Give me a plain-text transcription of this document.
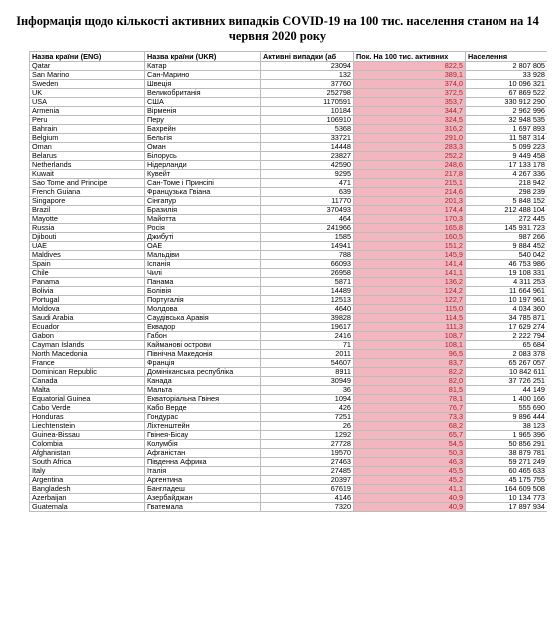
Інформація щодо кількості активних випадків COVID-19 на 100 тис. населення станом на 14
червня 2020 року
Назва країни (ENG)	Назва країни (UKR)	Активні випадки (аб	Пок. На 100 тис. активних	Населення
Qatar	Катар	23094	822,5	2 807 805
San Marino	Сан-Марино	132	389,1	33 928
Sweden	Швеція	37760	374,0	10 096 321
UK	Великобританія	252798	372,5	67 869 522
USA	США	1170591	353,7	330 912 290
Armenia	Вірменія	10184	344,7	2 962 996
Peru	Перу	106910	324,5	32 948 535
Bahrain	Бахрейн	5368	316,2	1 697 893
Belgium	Бельгія	33721	291,0	11 587 314
Oman	Оман	14448	283,3	5 099 223
Belarus	Білорусь	23827	252,2	9 449 458
Netherlands	Нідерланди	42590	248,6	17 133 178
Kuwait	Кувейт	9295	217,8	4 267 336
Sao Tome and Principe	Сан-Томе і Принсіпі	471	215,1	218 942
French Guiana	Французька Гвіана	639	214,6	298 239
Singapore	Сінгапур	11770	201,3	5 848 152
Brazil	Бразилія	370493	174,4	212 488 104
Mayotte	Майотта	464	170,3	272 445
Russia	Росія	241966	165,8	145 931 723
Djibouti	Джибуті	1585	160,5	987 266
UAE	ОАЕ	14941	151,2	9 884 452
Maldives	Мальдіви	788	145,9	540 042
Spain	Іспанія	66093	141,4	46 753 986
Chile	Чилі	26958	141,1	19 108 331
Panama	Панама	5871	136,2	4 311 253
Bolivia	Болівія	14489	124,2	11 664 961
Portugal	Португалія	12513	122,7	10 197 961
Moldova	Молдова	4640	115,0	4 034 360
Saudi Arabia	Саудівська Аравія	39828	114,5	34 785 871
Ecuador	Еквадор	19617	111,3	17 629 274
Gabon	Габон	2416	108,7	2 222 794
Cayman Islands	Кайманові острови	71	108,1	65 684
North Macedonia	Північна Македонія	2011	96,5	2 083 378
France	Франція	54607	83,7	65 267 057
Dominican Republic	Домініканська республіка	8911	82,2	10 842 611
Canada	Канада	30949	82,0	37 726 251
Malta	Мальта	36	81,5	44 149
Equatorial Guinea	Екваторіальна Гвінея	1094	78,1	1 400 166
Cabo Verde	Кабо Верде	426	76,7	555 690
Honduras	Гондурас	7251	73,3	9 896 444
Liechtenstein	Ліхтенштейн	26	68,2	38 123
Guinea-Bissau	Гвінея-Бісау	1292	65,7	1 965 396
Colombia	Колумбія	27728	54,5	50 856 291
Afghanistan	Афганістан	19570	50,3	38 879 781
South Africa	Південна Африка	27463	46,3	59 271 249
Italy	Італія	27485	45,5	60 465 633
Argentina	Аргентина	20397	45,2	45 175 755
Bangladesh	Бангладеш	67619	41,1	164 609 508
Azerbaijan	Азербайджан	4146	40,9	10 134 773
Guatemala	Гватемала	7320	40,9	17 897 934
